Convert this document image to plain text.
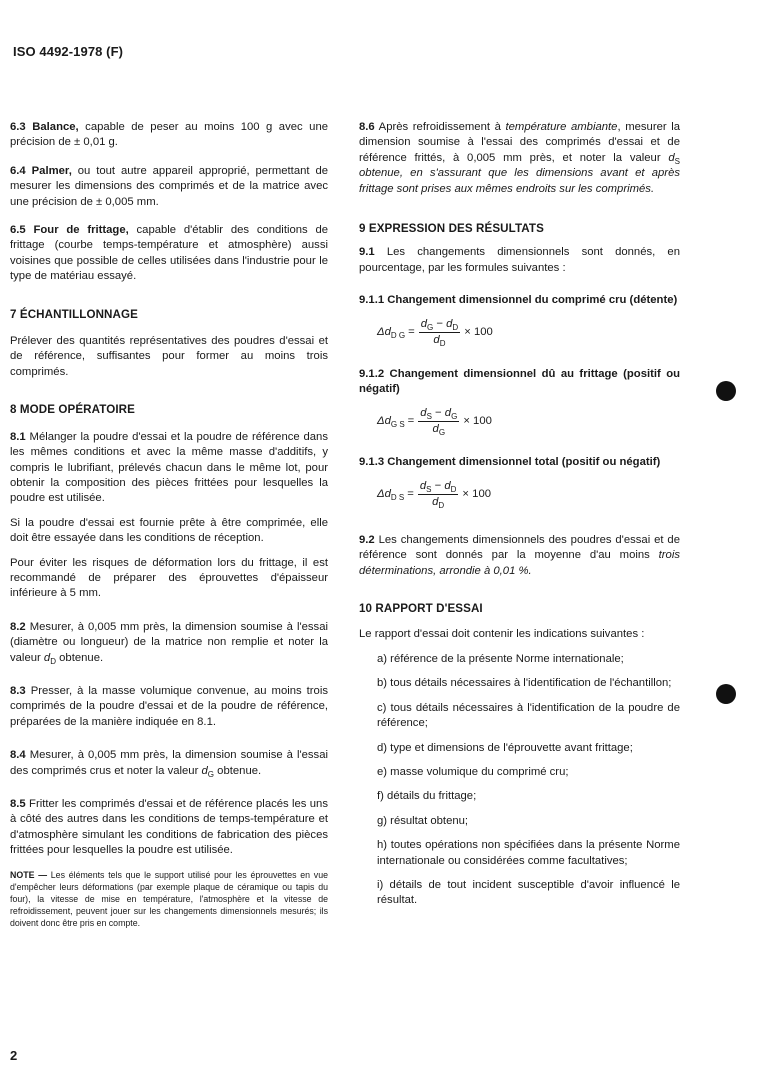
ISO 4492-1978 (F)

6.3 Balance, capable de peser au moins 100 g avec une précision de ± 0,01 g.

6.4 Palmer, ou tout autre appareil approprié, permettant de mesurer les dimensions des comprimés et de la matrice avec une précision de ± 0,005 mm.

6.5 Four de frittage, capable d'établir des conditions de frittage (courbe temps-température et atmosphère) aussi voisines que possible de celles utilisées dans l'industrie pour le type de matériau essayé.

7 ÉCHANTILLONNAGE

Prélever des quantités représentatives des poudres d'essai et de référence, suffisantes pour former au moins trois comprimés.

8 MODE OPÉRATOIRE

8.1 Mélanger la poudre d'essai et la poudre de référence dans les mêmes conditions et avec la même masse d'additifs, y compris le lubrifiant, prélevés chacun dans le même lot, pour obtenir la composition des pièces frittées pour lesquelles la poudre est utilisée.

Si la poudre d'essai est fournie prête à être comprimée, elle doit être essayée dans les conditions de réception.

Pour éviter les risques de déformation lors du frittage, il est recommandé de préparer des éprouvettes d'épaisseur inférieure à 5 mm.

8.2 Mesurer, à 0,005 mm près, la dimension soumise à l'essai (diamètre ou longueur) de la matrice non remplie et noter la valeur $d_D$ obtenue.

8.3 Presser, à la masse volumique convenue, au moins trois comprimés de la poudre d'essai et de la poudre de référence, préparées de la manière indiquée en 8.1.

8.4 Mesurer, à 0,005 mm près, la dimension soumise à l'essai des comprimés crus et noter la valeur $d_G$ obtenue.

8.5 Fritter les comprimés d'essai et de référence placés les uns à côté des autres dans les conditions de temps-température et d'atmosphère simulant les conditions de fabrication des pièces frittées pour lesquelles la poudre est utilisée.

NOTE — Les éléments tels que le support utilisé pour les éprouvettes en vue d'empêcher leurs déformations (par exemple plaque de céramique ou tapis du four), la vitesse de mise en température, l'atmosphère et la vitesse de refroidissement, peuvent jouer sur les changements dimensionnels mesurés; ils doivent donc être pris en compte.

8.6 Après refroidissement à température ambiante, mesurer la dimension soumise à l'essai des comprimés d'essai et de référence frittés, à 0,005 mm près, et noter la valeur $d_S$ obtenue, en s'assurant que les dimensions avant et après frittage sont prises aux mêmes endroits sur les comprimés.

9 EXPRESSION DES RÉSULTATS

9.1 Les changements dimensionnels sont donnés, en pourcentage, par les formules suivantes :

9.1.1 Changement dimensionnel du comprimé cru (détente)

Δd D $G = \frac{d_G - d_D}{d_D} \times 100$

9.1.2 Changement dimensionnel dû au frittage (positif ou négatif)

Δd G $S = \frac{d_S - d_G}{d_G} \times 100$

9.1.3 Changement dimensionnel total (positif ou négatif)

Δd D $S = \frac{d_S - d_D}{d_D} \times 100$

9.2 Les changements dimensionnels des poudres d'essai et de référence sont donnés par la moyenne d'au moins trois déterminations, arrondie à 0,01 %.

10 RAPPORT D'ESSAI

Le rapport d'essai doit contenir les indications suivantes :

a) référence de la présente Norme internationale;

b) tous détails nécessaires à l'identification de l'échantillon;

c) tous détails nécessaires à l'identification de la poudre de référence;

d) type et dimensions de l'éprouvette avant frittage;

e) masse volumique du comprimé cru;

f) détails du frittage;

g) résultat obtenu;

h) toutes opérations non spécifiées dans la présente Norme internationale ou considérées comme facultatives;

i) détails de tout incident susceptible d'avoir influencé le résultat.

2
